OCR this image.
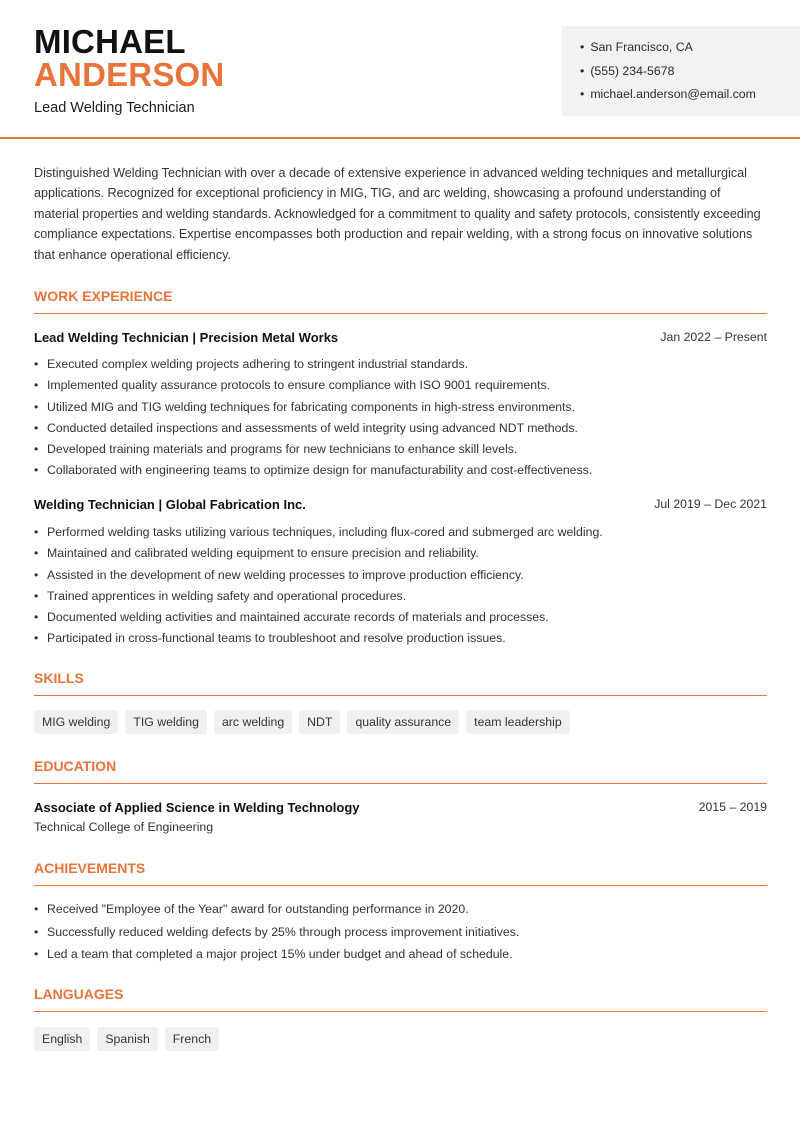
MICHAEL
ANDERSON
Lead Welding Technician
• San Francisco, CA
• (555) 234-5678
• michael.anderson@email.com

Distinguished Welding Technician with over a decade of extensive experience in advanced welding techniques and metallurgical applications. Recognized for exceptional proficiency in MIG, TIG, and arc welding, showcasing a profound understanding of material properties and welding standards. Acknowledged for a commitment to quality and safety protocols, consistently exceeding compliance expectations. Expertise encompasses both production and repair welding, with a strong focus on innovative solutions that enhance operational efficiency.

WORK EXPERIENCE
Lead Welding Technician | Precision Metal Works	Jan 2022 – Present
• Executed complex welding projects adhering to stringent industrial standards.
• Implemented quality assurance protocols to ensure compliance with ISO 9001 requirements.
• Utilized MIG and TIG welding techniques for fabricating components in high-stress environments.
• Conducted detailed inspections and assessments of weld integrity using advanced NDT methods.
• Developed training materials and programs for new technicians to enhance skill levels.
• Collaborated with engineering teams to optimize design for manufacturability and cost-effectiveness.
Welding Technician | Global Fabrication Inc.	Jul 2019 – Dec 2021
• Performed welding tasks utilizing various techniques, including flux-cored and submerged arc welding.
• Maintained and calibrated welding equipment to ensure precision and reliability.
• Assisted in the development of new welding processes to improve production efficiency.
• Trained apprentices in welding safety and operational procedures.
• Documented welding activities and maintained accurate records of materials and processes.
• Participated in cross-functional teams to troubleshoot and resolve production issues.
SKILLS
MIG welding	TIG welding	arc welding	NDT	quality assurance	team leadership
EDUCATION
Associate of Applied Science in Welding Technology	2015 – 2019
Technical College of Engineering
ACHIEVEMENTS
• Received "Employee of the Year" award for outstanding performance in 2020.
• Successfully reduced welding defects by 25% through process improvement initiatives.
• Led a team that completed a major project 15% under budget and ahead of schedule.
LANGUAGES
English	Spanish	French
